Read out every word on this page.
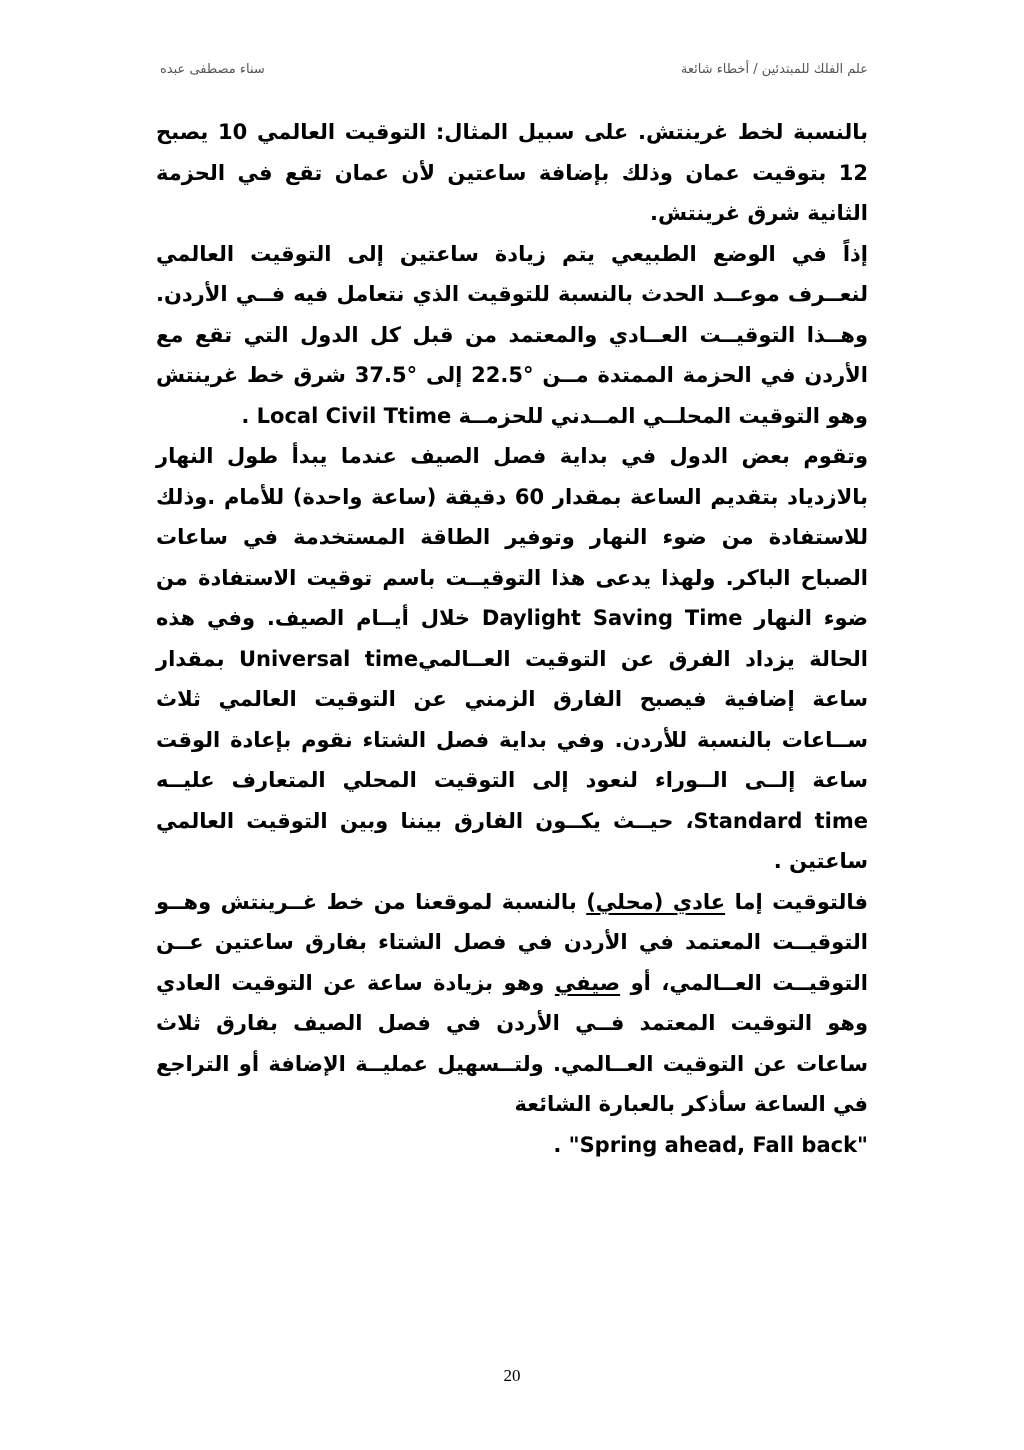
علم الفلك للمبتدئين / أخطاء شائعة
سناء مصطفى عبده

بالنسبة لخط غرينتش. على سبيل المثال: التوقيت العالمي 10 يصبح 12 بتوقيت عمان وذلك بإضافة ساعتين لأن عمان تقع في الحزمة الثانية شرق غرينتش.

إذاً في الوضع الطبيعي يتم زيادة ساعتين إلى التوقيت العالمي لنعــرف موعــد الحدث بالنسبة للتوقيت الذي نتعامل فيه فــي الأردن. وهــذا التوقيــت العــادي والمعتمد من قبل كل الدول التي تقع مع الأردن في الحزمة الممتدة مــن °22.5 إلى °37.5 شرق خط غرينتش وهو التوقيت المحلــي المــدني للحزمــة Local Civil Ttime .

وتقوم بعض الدول في بداية فصل الصيف عندما يبدأ طول النهار بالازدياد بتقديم الساعة بمقدار 60 دقيقة (ساعة واحدة) للأمام .وذلك للاستفادة من ضوء النهار وتوفير الطاقة المستخدمة في ساعات الصباح الباكر. ولهذا يدعى هذا التوقيــت باسم توقيت الاستفادة من ضوء النهار Daylight Saving Time خلال أيــام الصيف. وفي هذه الحالة يزداد الفرق عن التوقيت العــالميUniversal time بمقدار ساعة إضافية فيصبح الفارق الزمني عن التوقيت العالمي ثلاث ســاعات بالنسبة للأردن. وفي بداية فصل الشتاء نقوم بإعادة الوقت ساعة إلــى الــوراء لنعود إلى التوقيت المحلي المتعارف عليــه Standard time، حيــث يكــون الفارق بيننا وبين التوقيت العالمي ساعتين .

فالتوقيت إما عادي (محلي) بالنسبة لموقعنا من خط غــرينتش وهــو التوقيــت المعتمد في الأردن في فصل الشتاء بفارق ساعتين عــن التوقيــت العــالمي، أو صيفي وهو بزيادة ساعة عن التوقيت العادي وهو التوقيت المعتمد فــي الأردن في فصل الصيف بفارق ثلاث ساعات عن التوقيت العــالمي. ولتــسهيل عمليــة الإضافة أو التراجع في الساعة سأذكر بالعبارة الشائعة

"Spring ahead, Fall back" .

20
